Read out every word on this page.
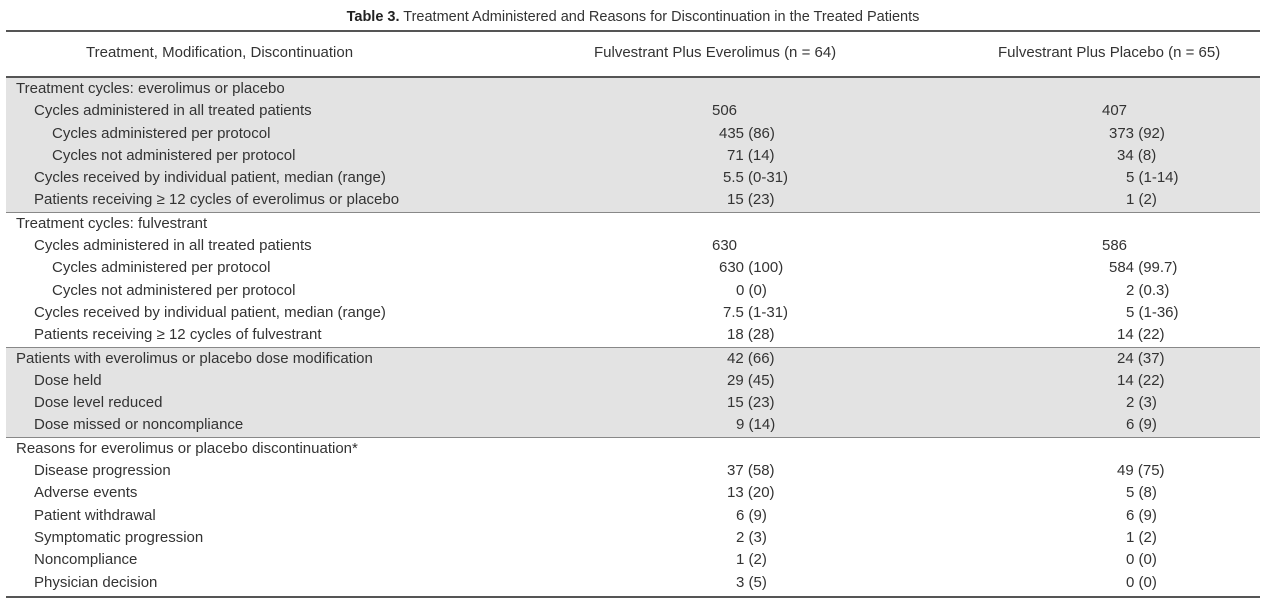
Table 3. Treatment Administered and Reasons for Discontinuation in the Treated Patients
Treatment, Modification, Discontinuation	Fulvestrant Plus Everolimus (n = 64)	Fulvestrant Plus Placebo (n = 65)
Treatment cycles: everolimus or placebo
Cycles administered in all treated patients	506	407
Cycles administered per protocol	435 (86)	373 (92)
Cycles not administered per protocol	71 (14)	34 (8)
Cycles received by individual patient, median (range)	5.5 (0-31)	5 (1-14)
Patients receiving ≥ 12 cycles of everolimus or placebo	15 (23)	1 (2)
Treatment cycles: fulvestrant
Cycles administered in all treated patients	630	586
Cycles administered per protocol	630 (100)	584 (99.7)
Cycles not administered per protocol	0 (0)	2 (0.3)
Cycles received by individual patient, median (range)	7.5 (1-31)	5 (1-36)
Patients receiving ≥ 12 cycles of fulvestrant	18 (28)	14 (22)
Patients with everolimus or placebo dose modification	42 (66)	24 (37)
Dose held	29 (45)	14 (22)
Dose level reduced	15 (23)	2 (3)
Dose missed or noncompliance	9 (14)	6 (9)
Reasons for everolimus or placebo discontinuation*
Disease progression	37 (58)	49 (75)
Adverse events	13 (20)	5 (8)
Patient withdrawal	6 (9)	6 (9)
Symptomatic progression	2 (3)	1 (2)
Noncompliance	1 (2)	0 (0)
Physician decision	3 (5)	0 (0)
